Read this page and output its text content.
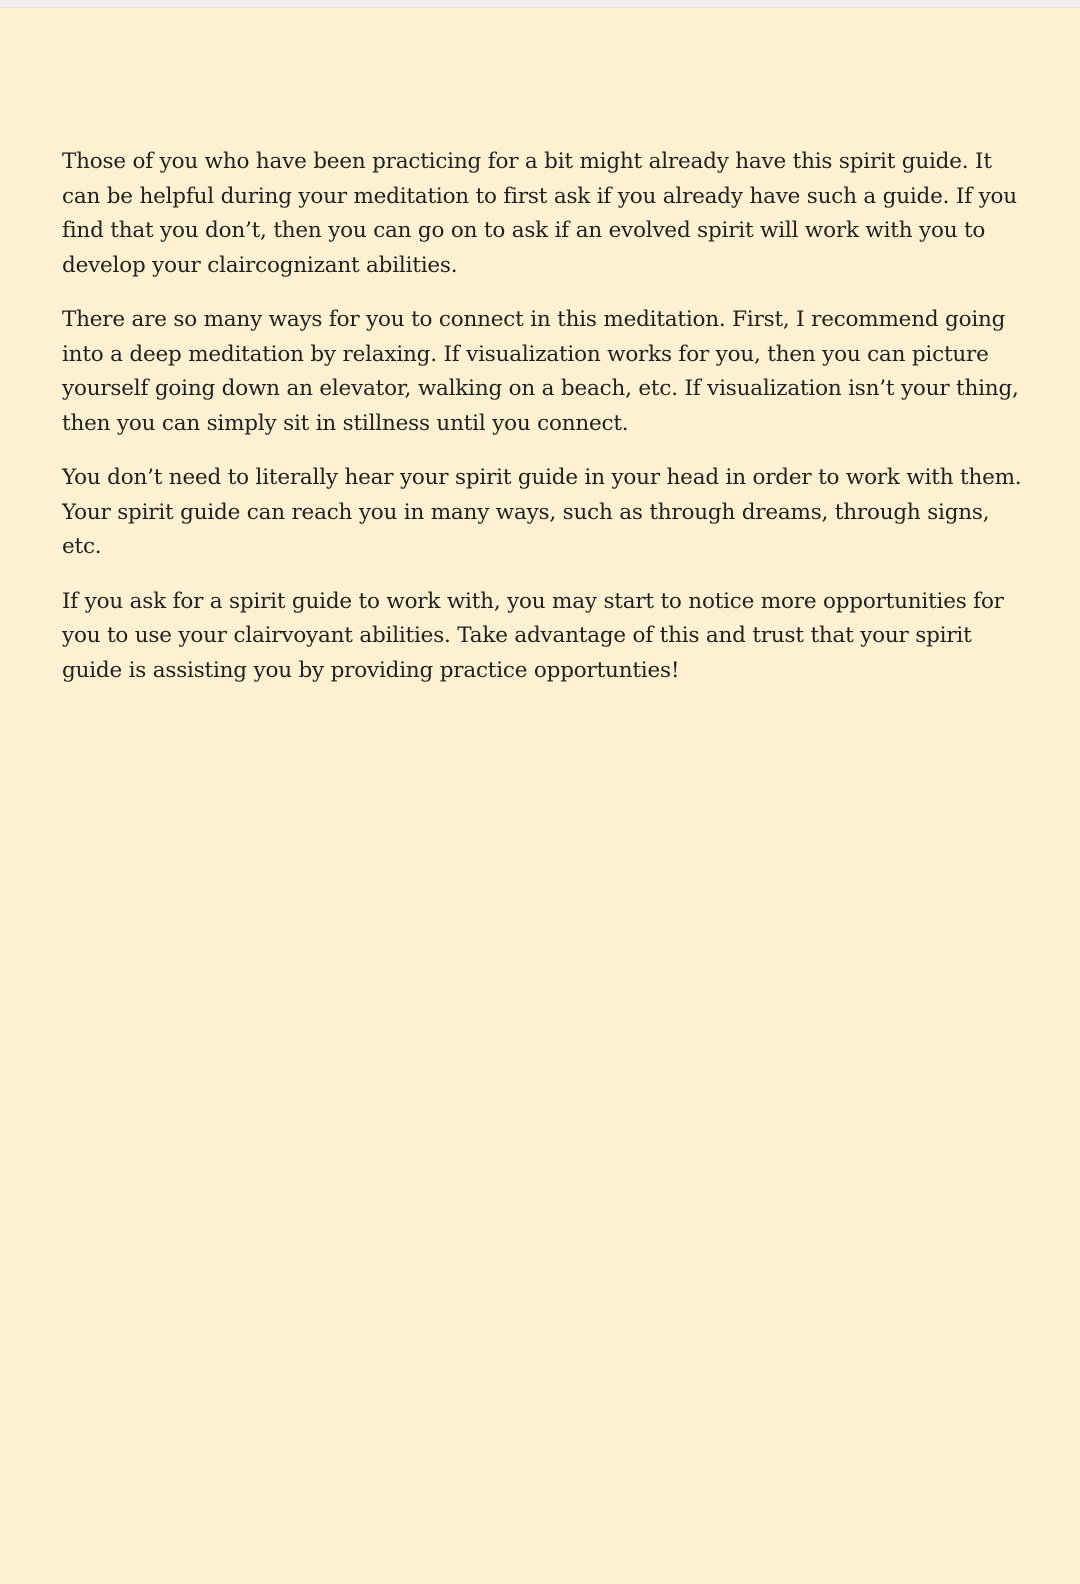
Those of you who have been practicing for a bit might already have this spirit guide. It can be helpful during your meditation to first ask if you already have such a guide. If you find that you don’t, then you can go on to ask if an evolved spirit will work with you to develop your claircognizant abilities.

There are so many ways for you to connect in this meditation. First, I recommend going into a deep meditation by relaxing. If visualization works for you, then you can picture yourself going down an elevator, walking on a beach, etc. If visualization isn’t your thing, then you can simply sit in stillness until you connect.

You don’t need to literally hear your spirit guide in your head in order to work with them. Your spirit guide can reach you in many ways, such as through dreams, through signs, etc.

If you ask for a spirit guide to work with, you may start to notice more opportunities for you to use your clairvoyant abilities. Take advantage of this and trust that your spirit guide is assisting you by providing practice opportunties!
